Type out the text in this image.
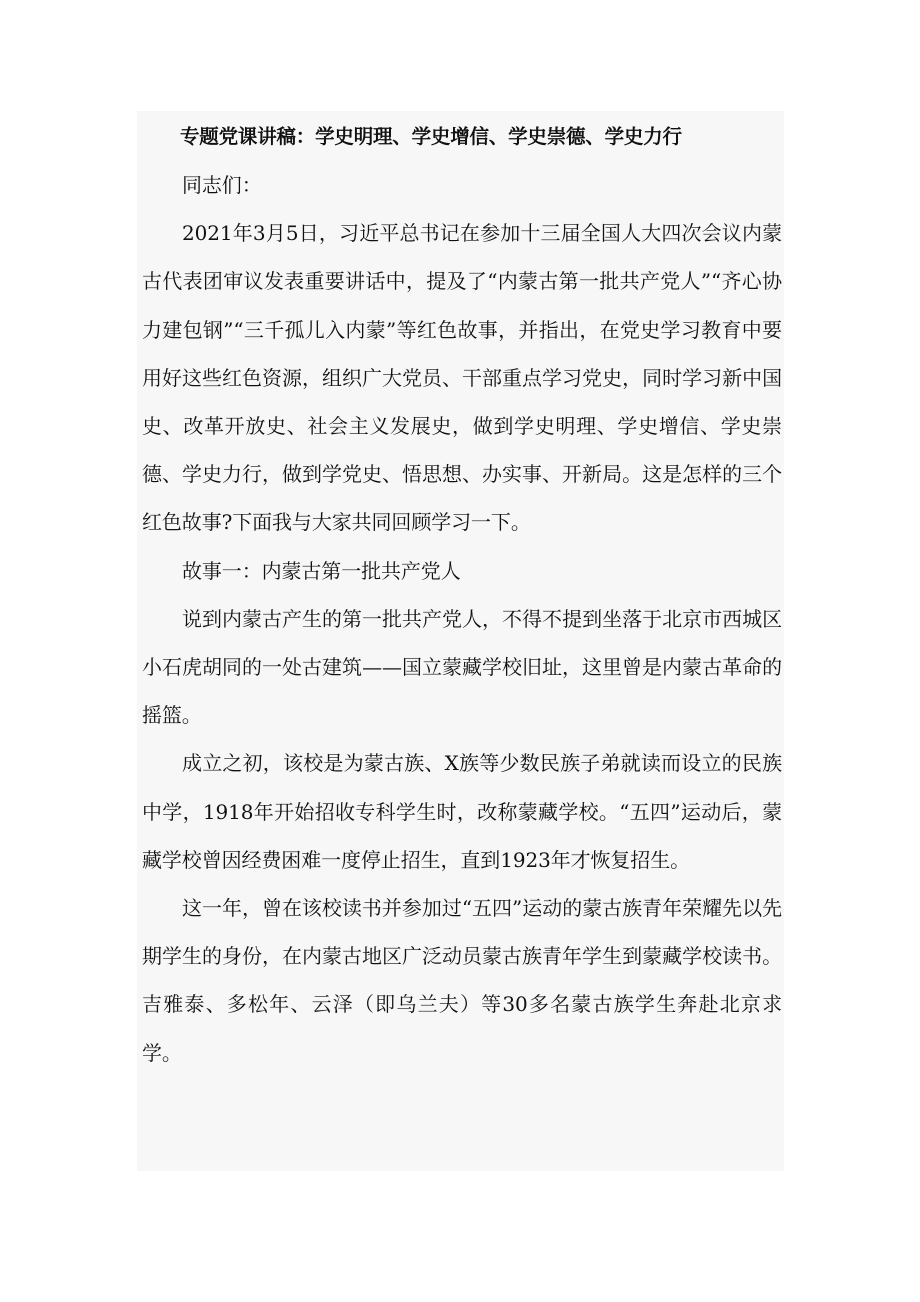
专题党课讲稿：学史明理、学史增信、学史崇德、学史力行

同志们：

2021年3月5日，习近平总书记在参加十三届全国人大四次会议内蒙古代表团审议发表重要讲话中，提及了“内蒙古第一批共产党人”“齐心协力建包钢”“三千孤儿入内蒙”等红色故事，并指出，在党史学习教育中要用好这些红色资源，组织广大党员、干部重点学习党史，同时学习新中国史、改革开放史、社会主义发展史，做到学史明理、学史增信、学史崇德、学史力行，做到学党史、悟思想、办实事、开新局。这是怎样的三个红色故事?下面我与大家共同回顾学习一下。

故事一：内蒙古第一批共产党人

说到内蒙古产生的第一批共产党人，不得不提到坐落于北京市西城区小石虎胡同的一处古建筑——国立蒙藏学校旧址，这里曾是内蒙古革命的摇篮。

成立之初，该校是为蒙古族、X族等少数民族子弟就读而设立的民族中学，1918年开始招收专科学生时，改称蒙藏学校。“五四”运动后，蒙藏学校曾因经费困难一度停止招生，直到1923年才恢复招生。

这一年，曾在该校读书并参加过“五四”运动的蒙古族青年荣耀先以先期学生的身份，在内蒙古地区广泛动员蒙古族青年学生到蒙藏学校读书。吉雅泰、多松年、云泽（即乌兰夫）等30多名蒙古族学生奔赴北京求学。
